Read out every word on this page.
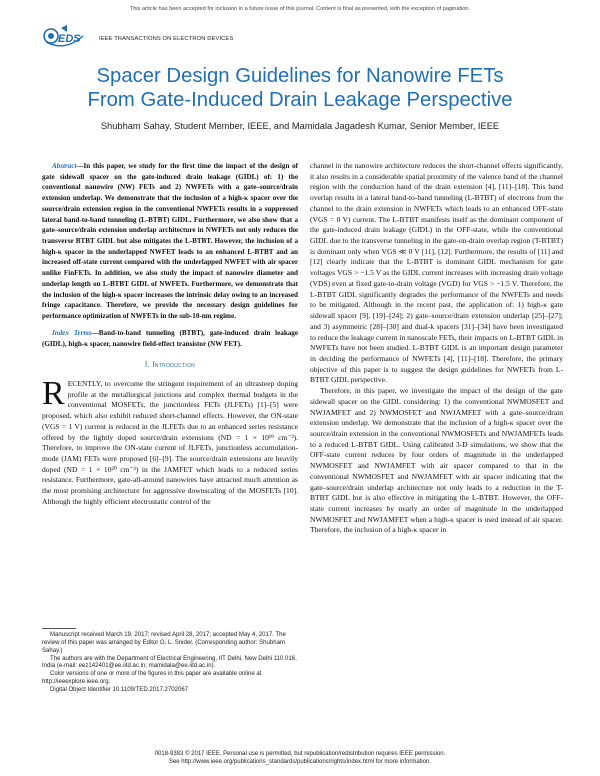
This article has been accepted for inclusion in a future issue of this journal. Content is final as presented, with the exception of pagination.
EDS	IEEE TRANSACTIONS ON ELECTRON DEVICES
Spacer Design Guidelines for Nanowire FETs
From Gate-Induced Drain Leakage Perspective
Shubham Sahay, Student Member, IEEE, and Mamidala Jagadesh Kumar, Senior Member, IEEE

Abstract—In this paper, we study for the first time the impact of the design of gate sidewall spacer on the gate-induced drain leakage (GIDL) of: 1) the conventional nanowire (NW) FETs and 2) NWFETs with a gate–source/drain extension underlap. We demonstrate that the inclusion of a high-κ spacer over the source/drain extension region in the conventional NWFETs results in a suppressed lateral band-to-band tunneling (L-BTBT) GIDL. Furthermore, we also show that a gate–source/drain extension underlap architecture in NWFETs not only reduces the transverse BTBT GIDL but also mitigates the L-BTBT. However, the inclusion of a high-κ spacer in the underlapped NWFET leads to an enhanced L-BTBT and an increased off-state current compared with the underlapped NWFET with air spacer unlike FinFETs. In addition, we also study the impact of nanowire diameter and underlap length on L-BTBT GIDL of NWFETs. Furthermore, we demonstrate that the inclusion of the high-κ spacer increases the intrinsic delay owing to an increased fringe capacitance. Therefore, we provide the necessary design guidelines for performance optimization of NWFETs in the sub-10-nm regime.

Index Terms—Band-to-band tunneling (BTBT), gate-induced drain leakage (GIDL), high-κ spacer, nanowire field-effect transistor (NW FET).

I. Introduction

RECENTLY, to overcome the stringent requirement of an ultrasteep doping profile at the metallurgical junctions and complex thermal budgets in the conventional MOSFETs, the junctionless FETs (JLFETs) [1]–[5] were proposed, which also exhibit reduced short-channel effects. However, the ON-state (VGS = 1 V) current is reduced in the JLFETs due to an enhanced series resistance offered by the lightly doped source/drain extensions (ND = 1 × 10¹⁹ cm⁻³). Therefore, to improve the ON-state current of JLFETs, junctionless accumulation-mode (JAM) FETs were proposed [6]–[9]. The source/drain extensions are heavily doped (ND = 1 × 10²⁰ cm⁻³) in the JAMFET which leads to a reduced series resistance. Furthermore, gate-all-around nanowires have attracted much attention as the most promising architecture for aggressive downscaling of the MOSFETs [10]. Although the highly efficient electrostatic control of the

Manuscript received March 19, 2017; revised April 28, 2017; accepted May 4, 2017. The review of this paper was arranged by Editor G. L. Snider. (Corresponding author: Shubham Sahay.)

The authors are with the Department of Electrical Engineering, IIT Delhi, New Delhi 110 016, India (e-mail: eez142401@ee.iitd.ac.in; mamidala@ee.iitd.ac.in).

Color versions of one or more of the figures in this paper are available online at http://ieeexplore.ieee.org.

Digital Object Identifier 10.1109/TED.2017.2702067

channel in the nanowire architecture reduces the short-channel effects significantly, it also results in a considerable spatial proximity of the valence band of the channel region with the conduction band of the drain extension [4], [11]–[18]. This band overlap results in a lateral band-to-band tunneling (L-BTBT) of electrons from the channel to the drain extension in NWFETs which leads to an enhanced OFF-state (VGS = 0 V) current. The L-BTBT manifests itself as the dominant component of the gate-induced drain leakage (GIDL) in the OFF-state, while the conventional GIDL due to the transverse tunneling in the gate-on-drain overlap region (T-BTBT) is dominant only when VGS ≪ 0 V [11], [12]. Furthermore, the results of [11] and [12] clearly indicate that the L-BTBT is dominant GIDL mechanism for gate voltages VGS > −1.5 V as the GIDL current increases with increasing drain voltage (VDS) even at fixed gate-to-drain voltage (VGD) for VGS > −1.5 V. Therefore, the L-BTBT GIDL significantly degrades the performance of the NWFETs and needs to be mitigated. Although in the recent past, the application of: 1) high-κ gate sidewall spacer [9], [19]–[24]; 2) gate–source/drain extension underlap [25]–[27]; and 3) asymmetric [28]–[30] and dual-k spacers [31]–[34] have been investigated to reduce the leakage current in nanoscale FETs, their impacts on L-BTBT GIDL in NWFETs have not been studied. L-BTBT GIDL is an important design parameter in deciding the performance of NWFETs [4], [11]–[18]. Therefore, the primary objective of this paper is to suggest the design guidelines for NWFETs from L-BTBT GIDL perspective.

Therefore, in this paper, we investigate the impact of the design of the gate sidewall spacer on the GIDL considering: 1) the conventional NWMOSFET and NWJAMFET and 2) NWMOSFET and NWJAMFET with a gate–source/drain extension underlap. We demonstrate that the inclusion of a high-κ spacer over the source/drain extension in the conventional NWMOSFETs and NWJAMFETs leads to a reduced L-BTBT GIDL. Using calibrated 3-D simulations, we show that the OFF-state current reduces by four orders of magnitude in the underlapped NWMOSFET and NWJAMFET with air spacer compared to that in the conventional NWMOSFET and NWJAMFET with air spacer indicating that the gate–source/drain underlap architecture not only leads to a reduction in the T-BTBT GIDL but is also effective in mitigating the L-BTBT. However, the OFF-state current increases by nearly an order of magnitude in the underlapped NWMOSFET and NWJAMFET when a high-κ spacer is used instead of air spacer. Therefore, the inclusion of a high-κ spacer in

0018-9383 © 2017 IEEE. Personal use is permitted, but republication/redistribution requires IEEE permission.
See http://www.ieee.org/publications_standards/publications/rights/index.html for more information.
